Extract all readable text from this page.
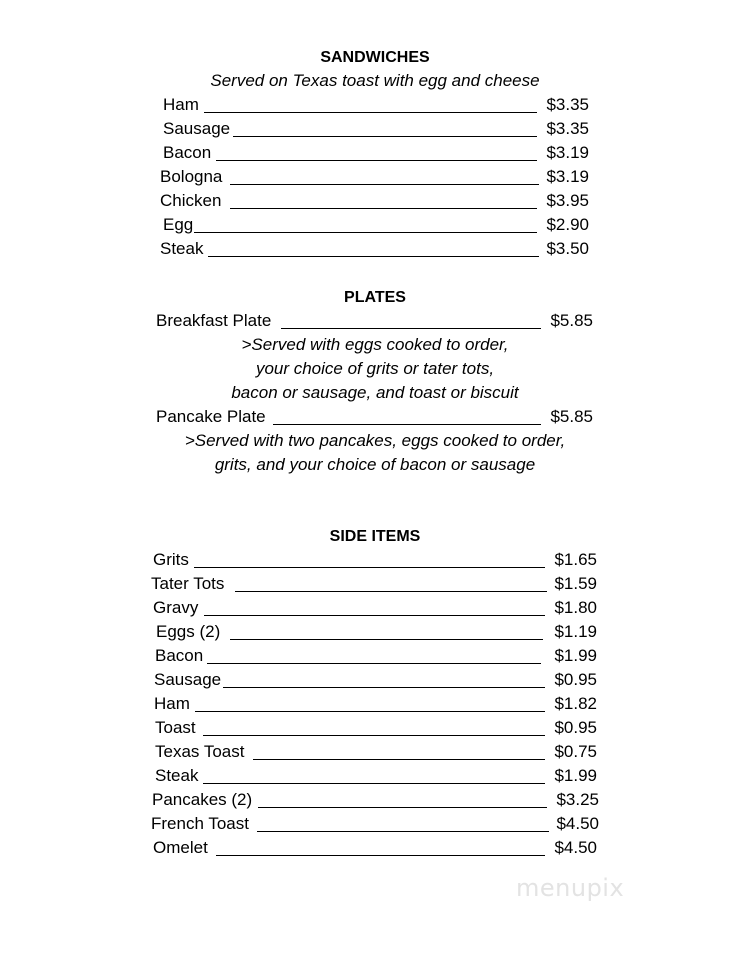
SANDWICHES
Served on Texas toast with egg and cheese
Ham	$3.35
Sausage	$3.35
Bacon	$3.19
Bologna	$3.19
Chicken	$3.95
Egg	$2.90
Steak	$3.50
PLATES
Breakfast Plate	$5.85
>Served with eggs cooked to order,
your choice of grits or tater tots,
bacon or sausage, and toast or biscuit
Pancake Plate	$5.85
>Served with two pancakes, eggs cooked to order,
grits, and your choice of bacon or sausage
SIDE ITEMS
Grits	$1.65
Tater Tots	$1.59
Gravy	$1.80
Eggs (2)	$1.19
Bacon	$1.99
Sausage	$0.95
Ham	$1.82
Toast	$0.95
Texas Toast	$0.75
Steak	$1.99
Pancakes (2)	$3.25
French Toast	$4.50
Omelet	$4.50
menupix
